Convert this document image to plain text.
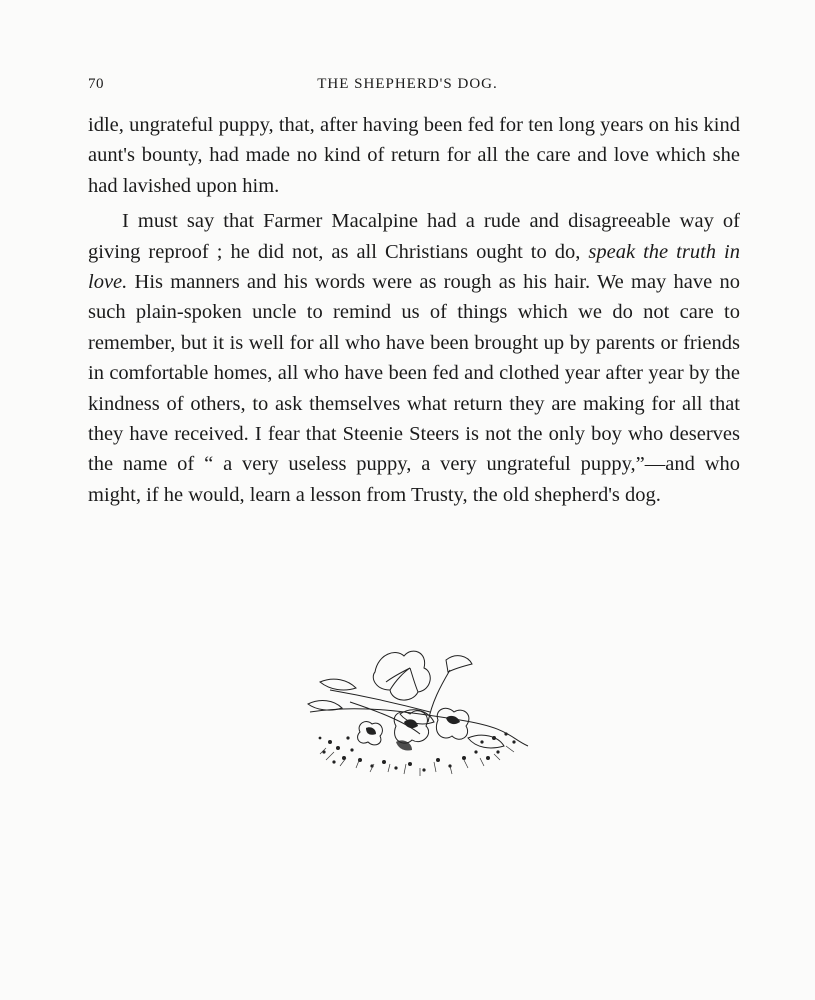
70	THE SHEPHERD'S DOG.

idle, ungrateful puppy, that, after having been fed for ten long years on his kind aunt's bounty, had made no kind of return for all the care and love which she had lavished upon him.

I must say that Farmer Macalpine had a rude and disagreeable way of giving reproof ; he did not, as all Christians ought to do, speak the truth in love. His manners and his words were as rough as his hair. We may have no such plain-spoken uncle to remind us of things which we do not care to remember, but it is well for all who have been brought up by parents or friends in comfortable homes, all who have been fed and clothed year after year by the kindness of others, to ask themselves what return they are making for all that they have received. I fear that Steenie Steers is not the only boy who deserves the name of “ a very useless puppy, a very ungrateful puppy,”—and who might, if he would, learn a lesson from Trusty, the old shepherd's dog.
